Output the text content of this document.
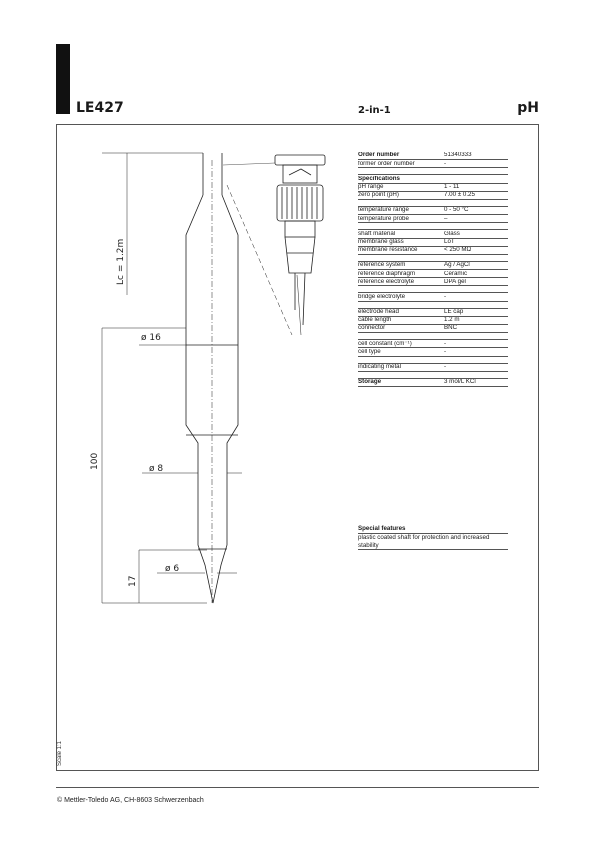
LE427	2-in-1	pH
Lc = 1.2m
ø 16
100	ø 8
ø 6
17
Scale 1:1
Order number	51340333
former order number	-
Specifications
pH range	1 - 11
zero point (pH)	7.00 ± 0.25
temperature range	0 - 50 °C
temperature probe	–
shaft material	Glass
membrane glass	LoT
membrane resistance	< 250 MΩ
reference system	Ag / AgCl
reference diaphragm	Ceramic
reference electrolyte	DPA gel
bridge electrolyte	-
electrode head	LE cap
cable length	1.2 m
connector	BNC
cell constant (cm⁻¹)	-
cell type	-
indicating metal	-
Storage	3 mol/L KCl
Special features
plastic coated shaft for protection and increased stability
© Mettler-Toledo AG, CH-8603 Schwerzenbach
